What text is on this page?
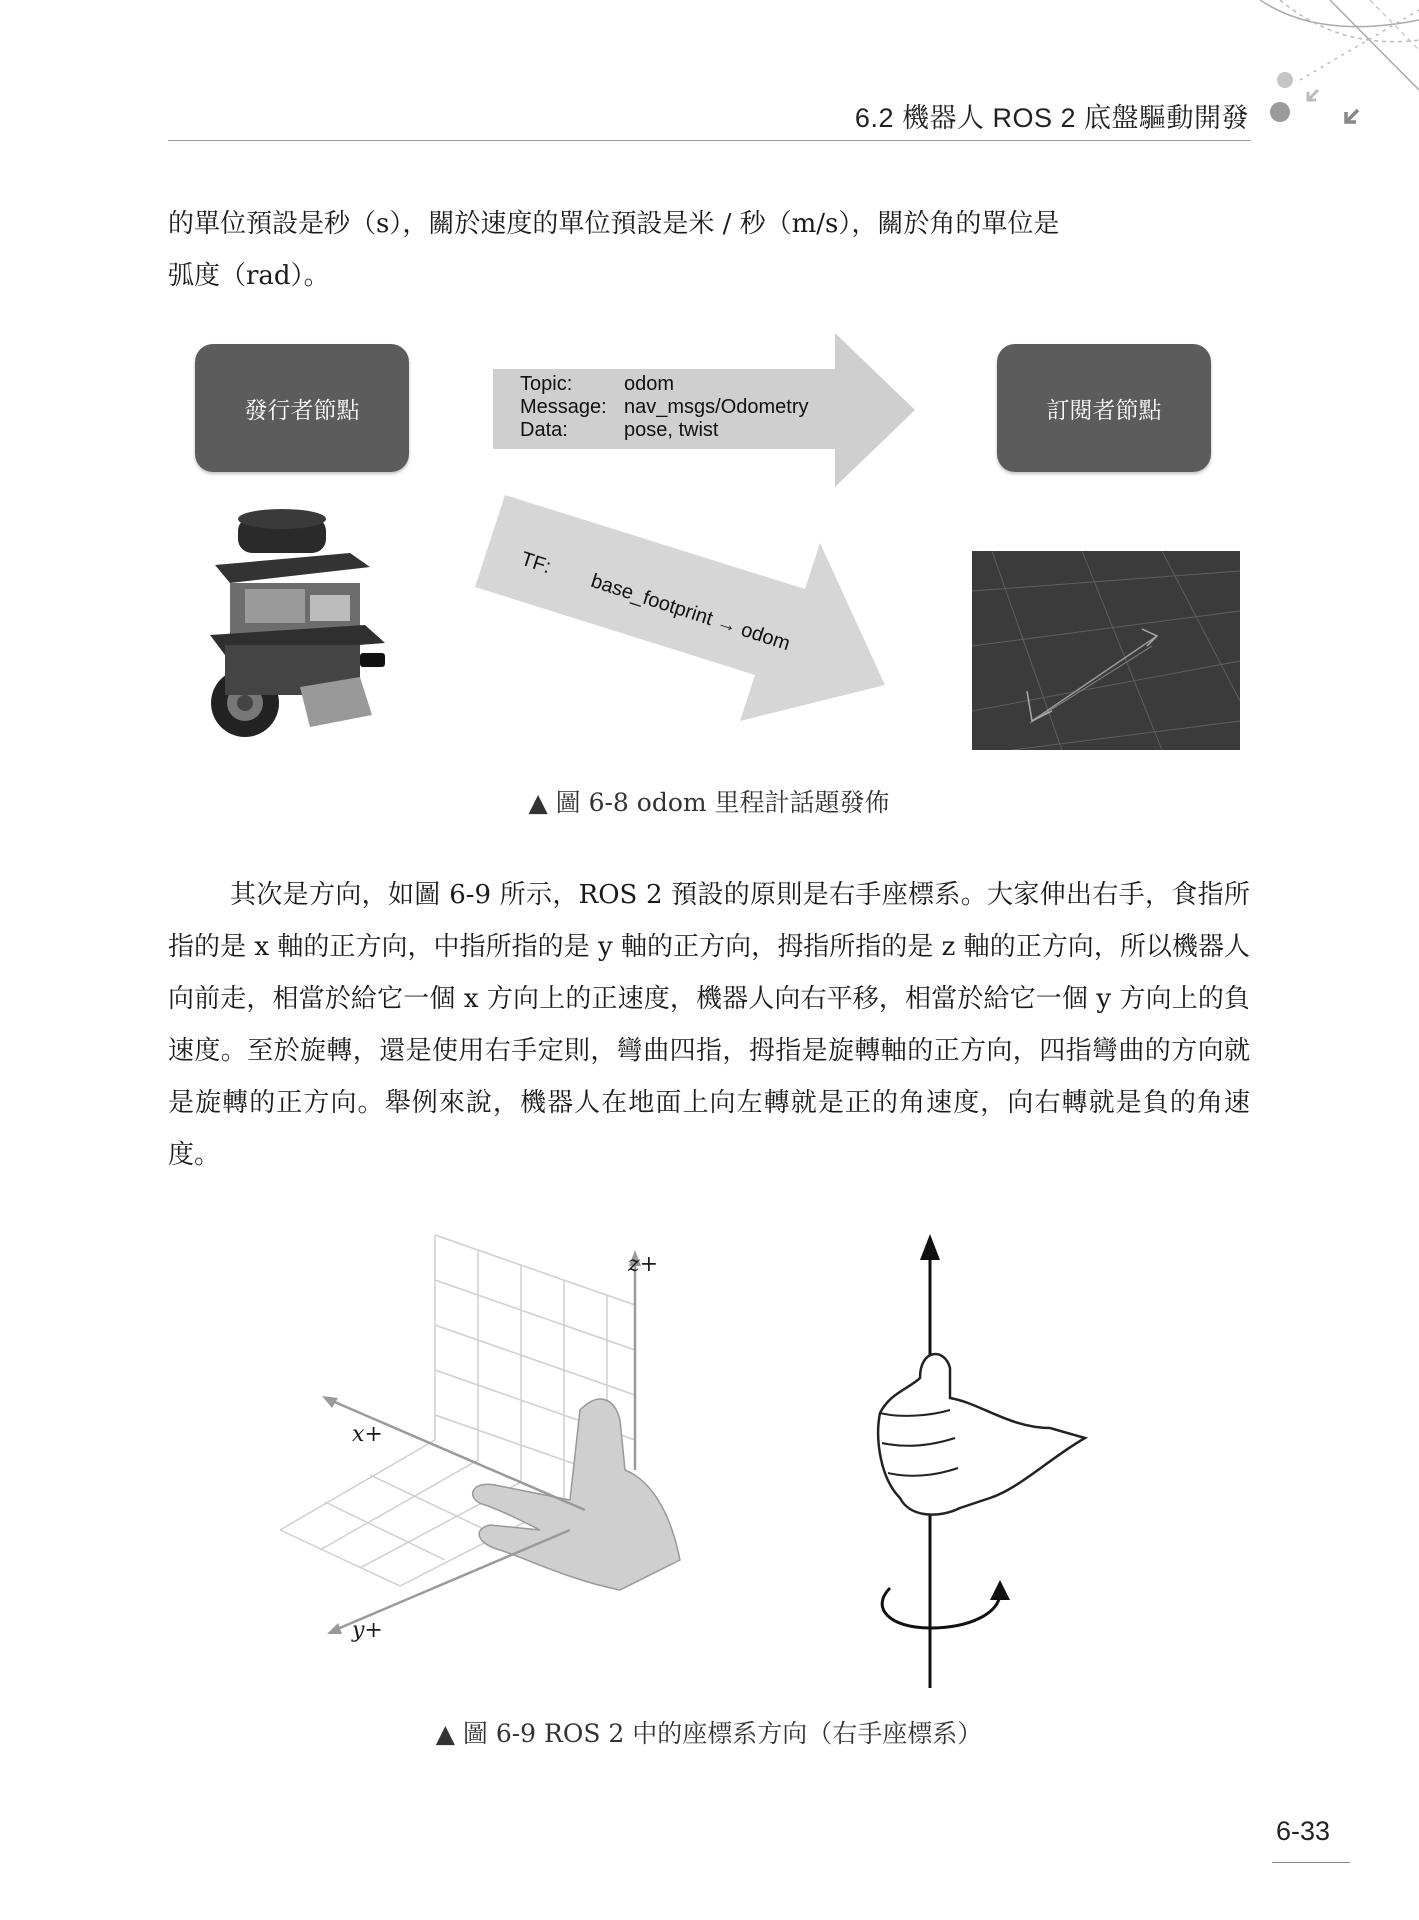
6.2 機器人 ROS 2 底盤驅動開發

的單位預設是秒（s），關於速度的單位預設是米 / 秒（m/s），關於角的單位是

弧度（rad）。

發行者節點	訂閱者節點
Topic:	odom
Message: nav_msgs/Odometry
Data:	pose, twist
TF:
base_footprint → odom
▲ 圖 6-8 odom 里程計話題發佈

其次是方向，如圖 6-9 所示，ROS 2 預設的原則是右手座標系。大家伸出右手，食指所指的是 x 軸的正方向，中指所指的是 y 軸的正方向，拇指所指的是 z 軸的正方向，所以機器人向前走，相當於給它一個 x 方向上的正速度，機器人向右平移，相當於給它一個 y 方向上的負速度。至於旋轉，還是使用右手定則，彎曲四指，拇指是旋轉軸的正方向，四指彎曲的方向就是旋轉的正方向。舉例來說，機器人在地面上向左轉就是正的角速度，向右轉就是負的角速度。

z+
x+
y+
▲ 圖 6-9 ROS 2 中的座標系方向（右手座標系）
6-33
